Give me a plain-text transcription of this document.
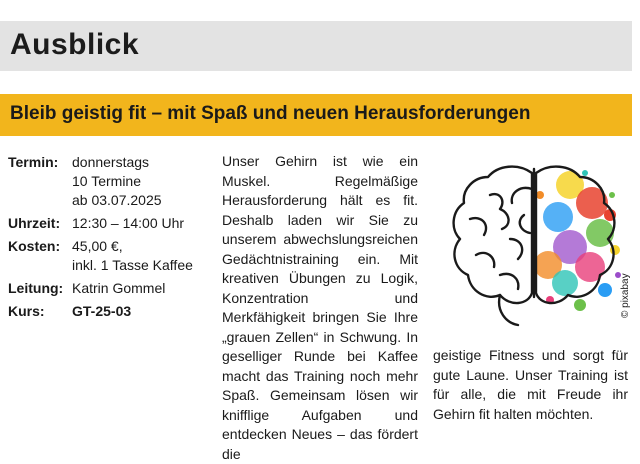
Ausblick
Bleib geistig fit – mit Spaß und neuen Herausforderungen
Termin: donnerstags
10 Termine
ab 03.07.2025
Uhrzeit: 12:30 – 14:00 Uhr
Kosten: 45,00 €,
inkl. 1 Tasse Kaffee
Leitung: Katrin Gommel
Kurs: GT-25-03
Unser Gehirn ist wie ein Muskel. Regelmäßige Herausforderung hält es fit. Deshalb laden wir Sie zu unserem abwechslungsreichen Gedächtnistraining ein. Mit kreativen Übungen zu Logik, Konzentration und Merkfähigkeit bringen Sie Ihre „grauen Zellen“ in Schwung. In geselliger Runde bei Kaffee macht das Training noch mehr Spaß. Gemeinsam lösen wir knifflige Aufgaben und entdecken Neues – das fördert die
© pixabay
geistige Fitness und sorgt für gute Laune. Unser Training ist für alle, die mit Freude ihr Gehirn fit halten möchten.
